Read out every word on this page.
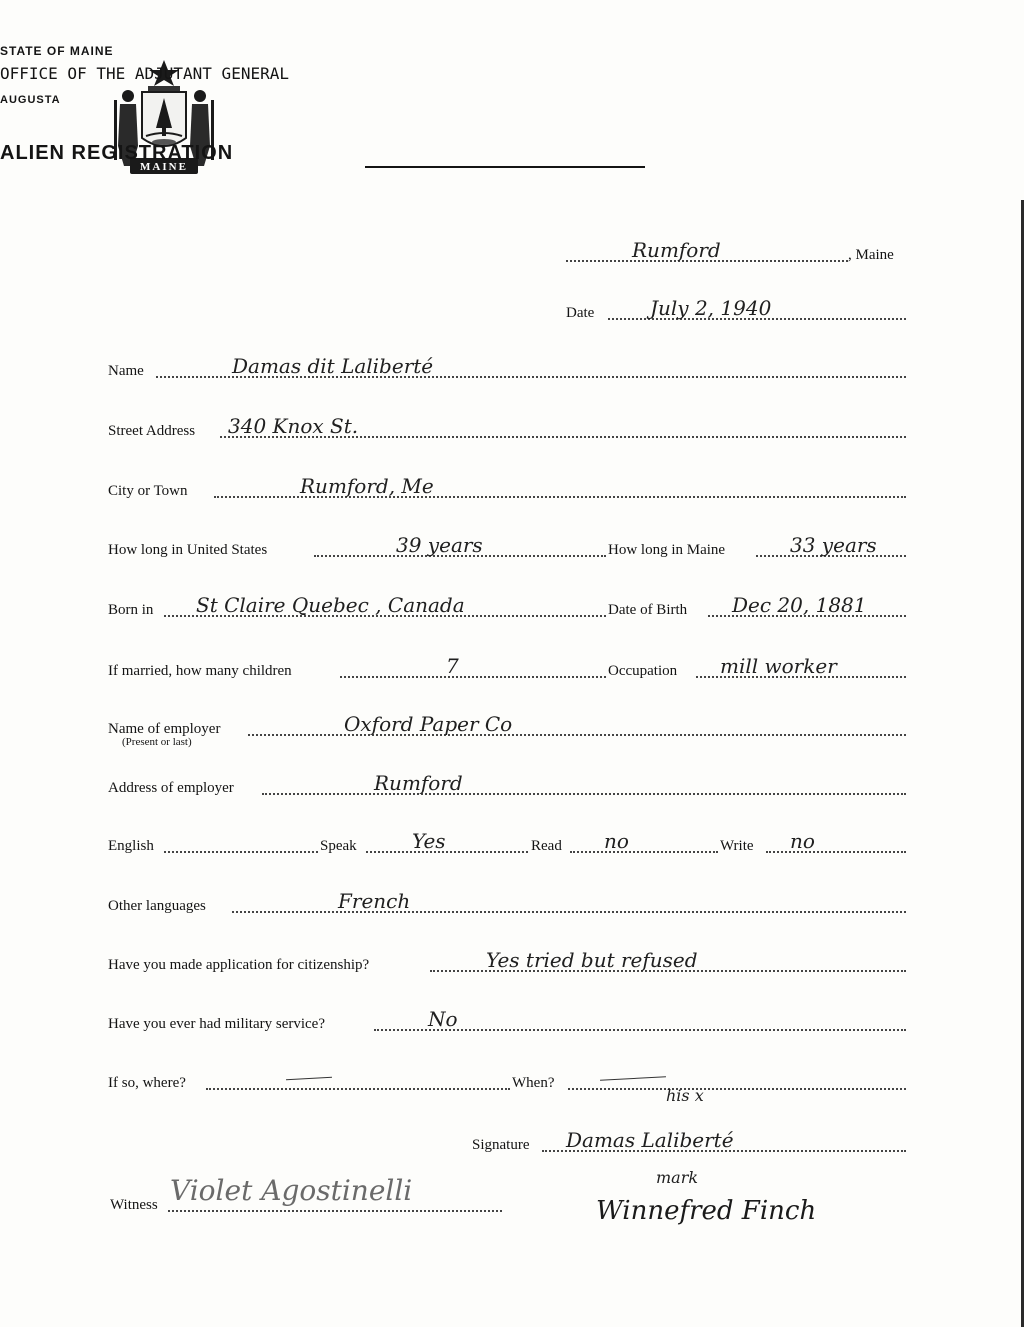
MAINE
STATE OF MAINE
OFFICE OF THE ADJUTANT GENERAL
AUGUSTA
ALIEN REGISTRATION
Rumford	, Maine
Date	July 2, 1940
Name	Damas dit Laliberté
Street Address 340 Knox St.
City or Town	Rumford, Me
How long in United States	39 years	How long in Maine	33 years
Born in St Claire Quebec , Canada	Date of Birth Dec 20, 1881
If married, how many children	7	Occupation mill worker
Name of employer	Oxford Paper Co
(Present or last)
Address of employer	Rumford
English	Speak	Yes	Read no	Write no
Other languages	French
Have you made application for citizenship?	Yes tried but refused
Have you ever had military service?	No
If so, where?	When?
his x
Signature Damas Laliberté
mark
Witness Violet Agostinelli
Winnefred Finch
